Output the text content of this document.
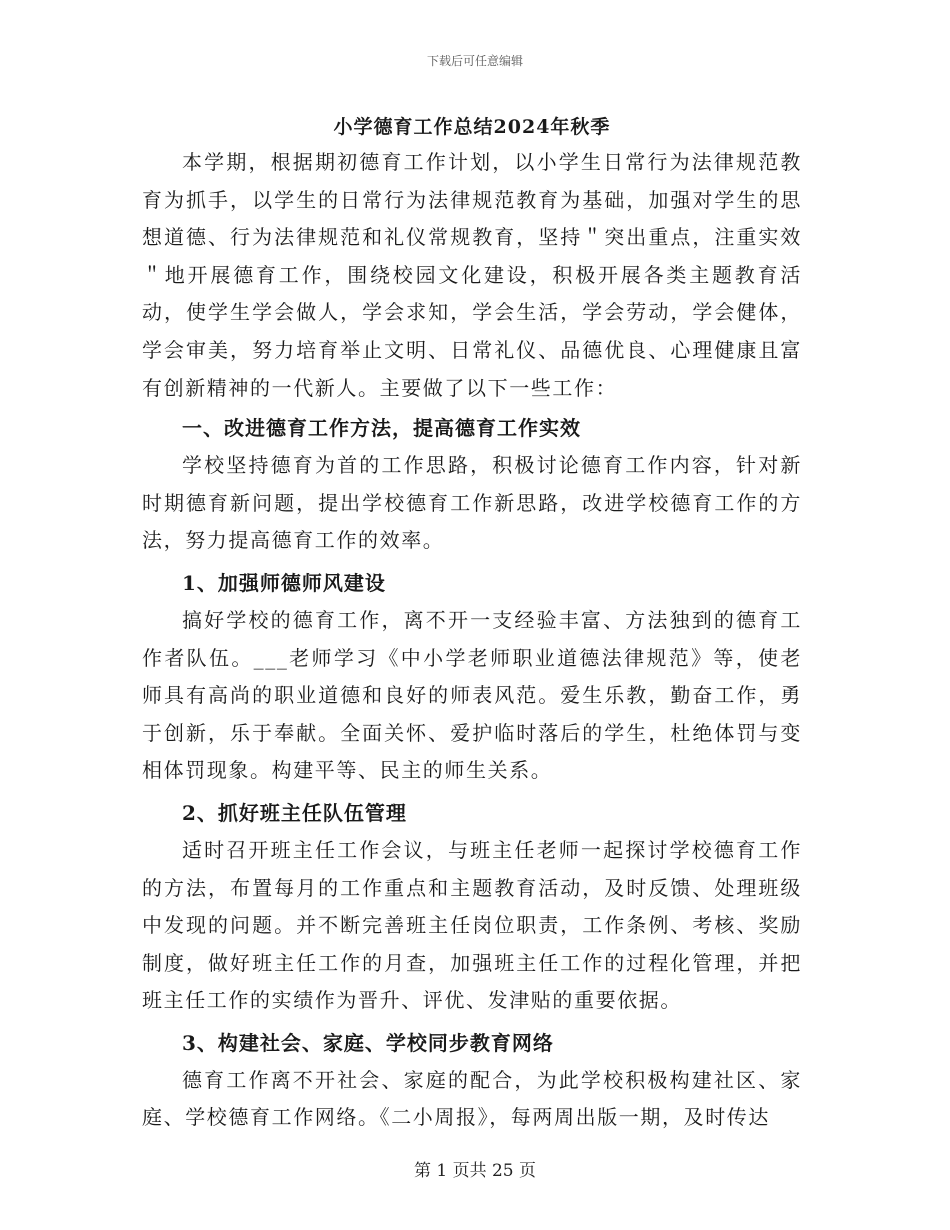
下载后可任意编辑

小学德育工作总结2024年秋季

本学期，根据期初德育工作计划，以小学生日常行为法律规范教育为抓手，以学生的日常行为法律规范教育为基础，加强对学生的思想道德、行为法律规范和礼仪常规教育，坚持＂突出重点，注重实效＂地开展德育工作，围绕校园文化建设，积极开展各类主题教育活动，使学生学会做人，学会求知，学会生活，学会劳动，学会健体，学会审美，努力培育举止文明、日常礼仪、品德优良、心理健康且富有创新精神的一代新人。主要做了以下一些工作：

一、改进德育工作方法，提高德育工作实效

学校坚持德育为首的工作思路，积极讨论德育工作内容，针对新时期德育新问题，提出学校德育工作新思路，改进学校德育工作的方法，努力提高德育工作的效率。

1、加强师德师风建设

搞好学校的德育工作，离不开一支经验丰富、方法独到的德育工作者队伍。___老师学习《中小学老师职业道德法律规范》等，使老师具有高尚的职业道德和良好的师表风范。爱生乐教，勤奋工作，勇于创新，乐于奉献。全面关怀、爱护临时落后的学生，杜绝体罚与变相体罚现象。构建平等、民主的师生关系。

2、抓好班主任队伍管理

适时召开班主任工作会议，与班主任老师一起探讨学校德育工作的方法，布置每月的工作重点和主题教育活动，及时反馈、处理班级中发现的问题。并不断完善班主任岗位职责，工作条例、考核、奖励制度，做好班主任工作的月查，加强班主任工作的过程化管理，并把班主任工作的实绩作为晋升、评优、发津贴的重要依据。

3、构建社会、家庭、学校同步教育网络

德育工作离不开社会、家庭的配合，为此学校积极构建社区、家庭、学校德育工作网络。《二小周报》，每两周出版一期，及时传达

第 1 页共 25 页
